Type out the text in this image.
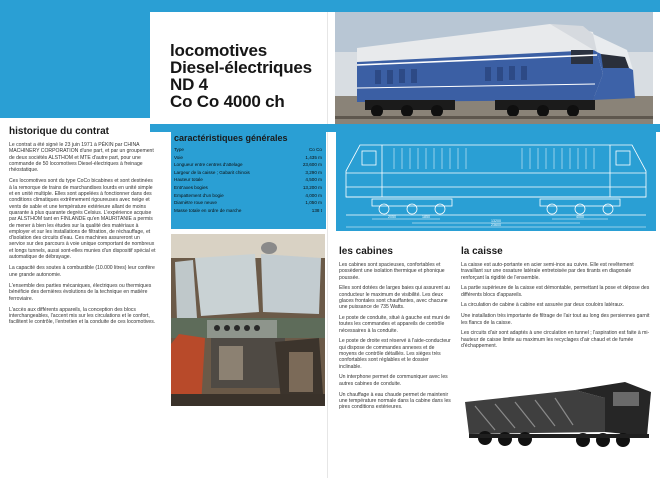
locomotives
Diesel-électriques
ND 4
Co Co 4000 ch
historique du contrat

Le contrat a été signé le 23 juin 1971 à PÉKIN par CHINA MACHINERY CORPORATION d'une part, et par un groupement de deux sociétés ALSTHOM et MTE d'autre part, pour une commande de 50 locomotives Diesel-électriques à freinage rhéostatique.

Ces locomotives sont du type CoCo bicabines et sont destinées à la remorque de trains de marchandises lourds en unité simple et en unité multiple. Elles sont appelées à fonctionner dans des conditions climatiques extrêmement rigoureuses avec neige et vents de sable et une température extérieure allant de moins quarante à plus quarante degrés Celsius. L'expérience acquise par ALSTHOM tant en FINLANDE qu'en MAURITANIE a permis de mener à bien les études sur la qualité des matériaux à employer et sur les installations de filtration, de réchauffage, et d'isolation des circuits d'eau. Ces machines assureront un service sur des parcours à voie unique comportant de nombreux et longs tunnels, aussi sont-elles munies d'un dispositif spécial et automatique de débrayage.

La capacité des soutes à combustible (10.000 litres) leur confère une grande autonomie.

L'ensemble des parties mécaniques, électriques ou thermiques bénéficie des dernières évolutions de la technique en matière ferroviaire.

L'accès aux différents appareils, la conception des blocs interchangeables, l'accent mis sur les circulations et le confort, facilitent le contrôle, l'entretien et la conduite de ces locomotives.

caractéristiques générales
Type	Co Co
Voie	1,435 m
Longueur entre centres d'attelage	23,600 m
Largeur de la caisse ; Gabarit chinois	3,290 m
Hauteur totale	4,500 m
Entr'axes bogies	13,200 m
Empattement d'un bogie	4,000 m
Diamètre roue neuve	1,050 m
Masse totale en ordre de marche	138 t
2050	1850	4000
13200
23600
les cabines

Les cabines sont spacieuses, confortables et possèdent une isolation thermique et phonique poussée.

Elles sont dotées de larges baies qui assurent au conducteur le maximum de visibilité. Les deux glaces frontales sont chauffantes, avec chacune une puissance de 735 Watts.

Le poste de conduite, situé à gauche est muni de toutes les commandes et appareils de contrôle nécessaires à la conduite.

Le poste de droite est réservé à l'aide-conducteur qui dispose de commandes annexes et de moyens de contrôle détaillés. Les sièges très confortables sont réglables et le dossier inclinable.

Un interphone permet de communiquer avec les autres cabines de conduite.

Un chauffage à eau chaude permet de maintenir une température normale dans la cabine dans les pires conditions extérieures.

la caisse

La caisse est auto-portante en acier semi-inox au cuivre. Elle est revêtement travaillant sur une ossature latérale entretoisée par des tirants en diagonale renforçant la rigidité de l'ensemble.

La partie supérieure de la caisse est démontable, permettant la pose et dépose des différents blocs d'appareils.

La circulation de cabine à cabine est assurée par deux couloirs latéraux.

Une installation très importante de filtrage de l'air tout au long des persiennes garnit les flancs de la caisse.

Les circuits d'air sont adaptés à une circulation en tunnel ; l'aspiration est faite à mi-hauteur de caisse limite au maximum les recyclages d'air chaud et de fumée d'échappement.
